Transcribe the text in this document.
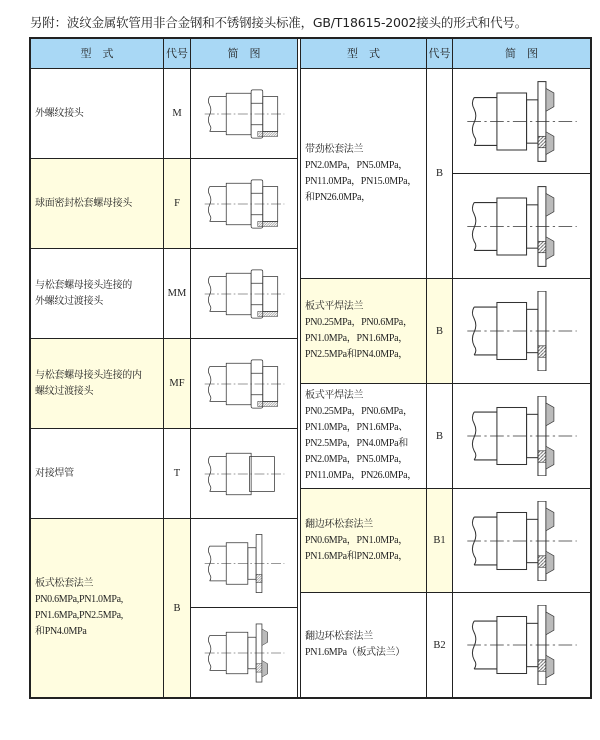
另附：波纹金属软管用非合金钢和不锈钢接头标准，GB/T18615-2002接头的形式和代号。
型　式	代号	简　图	型　式	代号	简　图
外螺纹接头	M
球面密封松套螺母接头	F
与松套螺母接头连接的
外螺纹过渡接头
MM
与松套螺母接头连接的内
螺纹过渡接头
MF
对接焊管	T
板式松套法兰
PN0.6MPa,PN1.0MPa,
PN1.6MPa,PN2.5MPa,
和PN4.0MPa
B
带劲松套法兰
PN2.0MPa，PN5.0MPa，
PN11.0MPa，PN15.0MPa，
和PN26.0MPa，
B
板式平焊法兰
PN0.25MPa，PN0.6MPa，
PN1.0MPa，PN1.6MPa，
PN2.5MPa和PN4.0MPa，
B
板式平焊法兰
PN0.25MPa，PN0.6MPa，
PN1.0MPa，PN1.6MPa、
PN2.5MPa，PN4.0MPa和
PN2.0MPa，PN5.0MPa，
PN11.0MPa，PN26.0MPa，
B
翻边环松套法兰
PN0.6MPa，PN1.0MPa，
PN1.6MPa和PN2.0MPa，
B1
翻边环松套法兰
PN1.6MPa（板式法兰）
B2
